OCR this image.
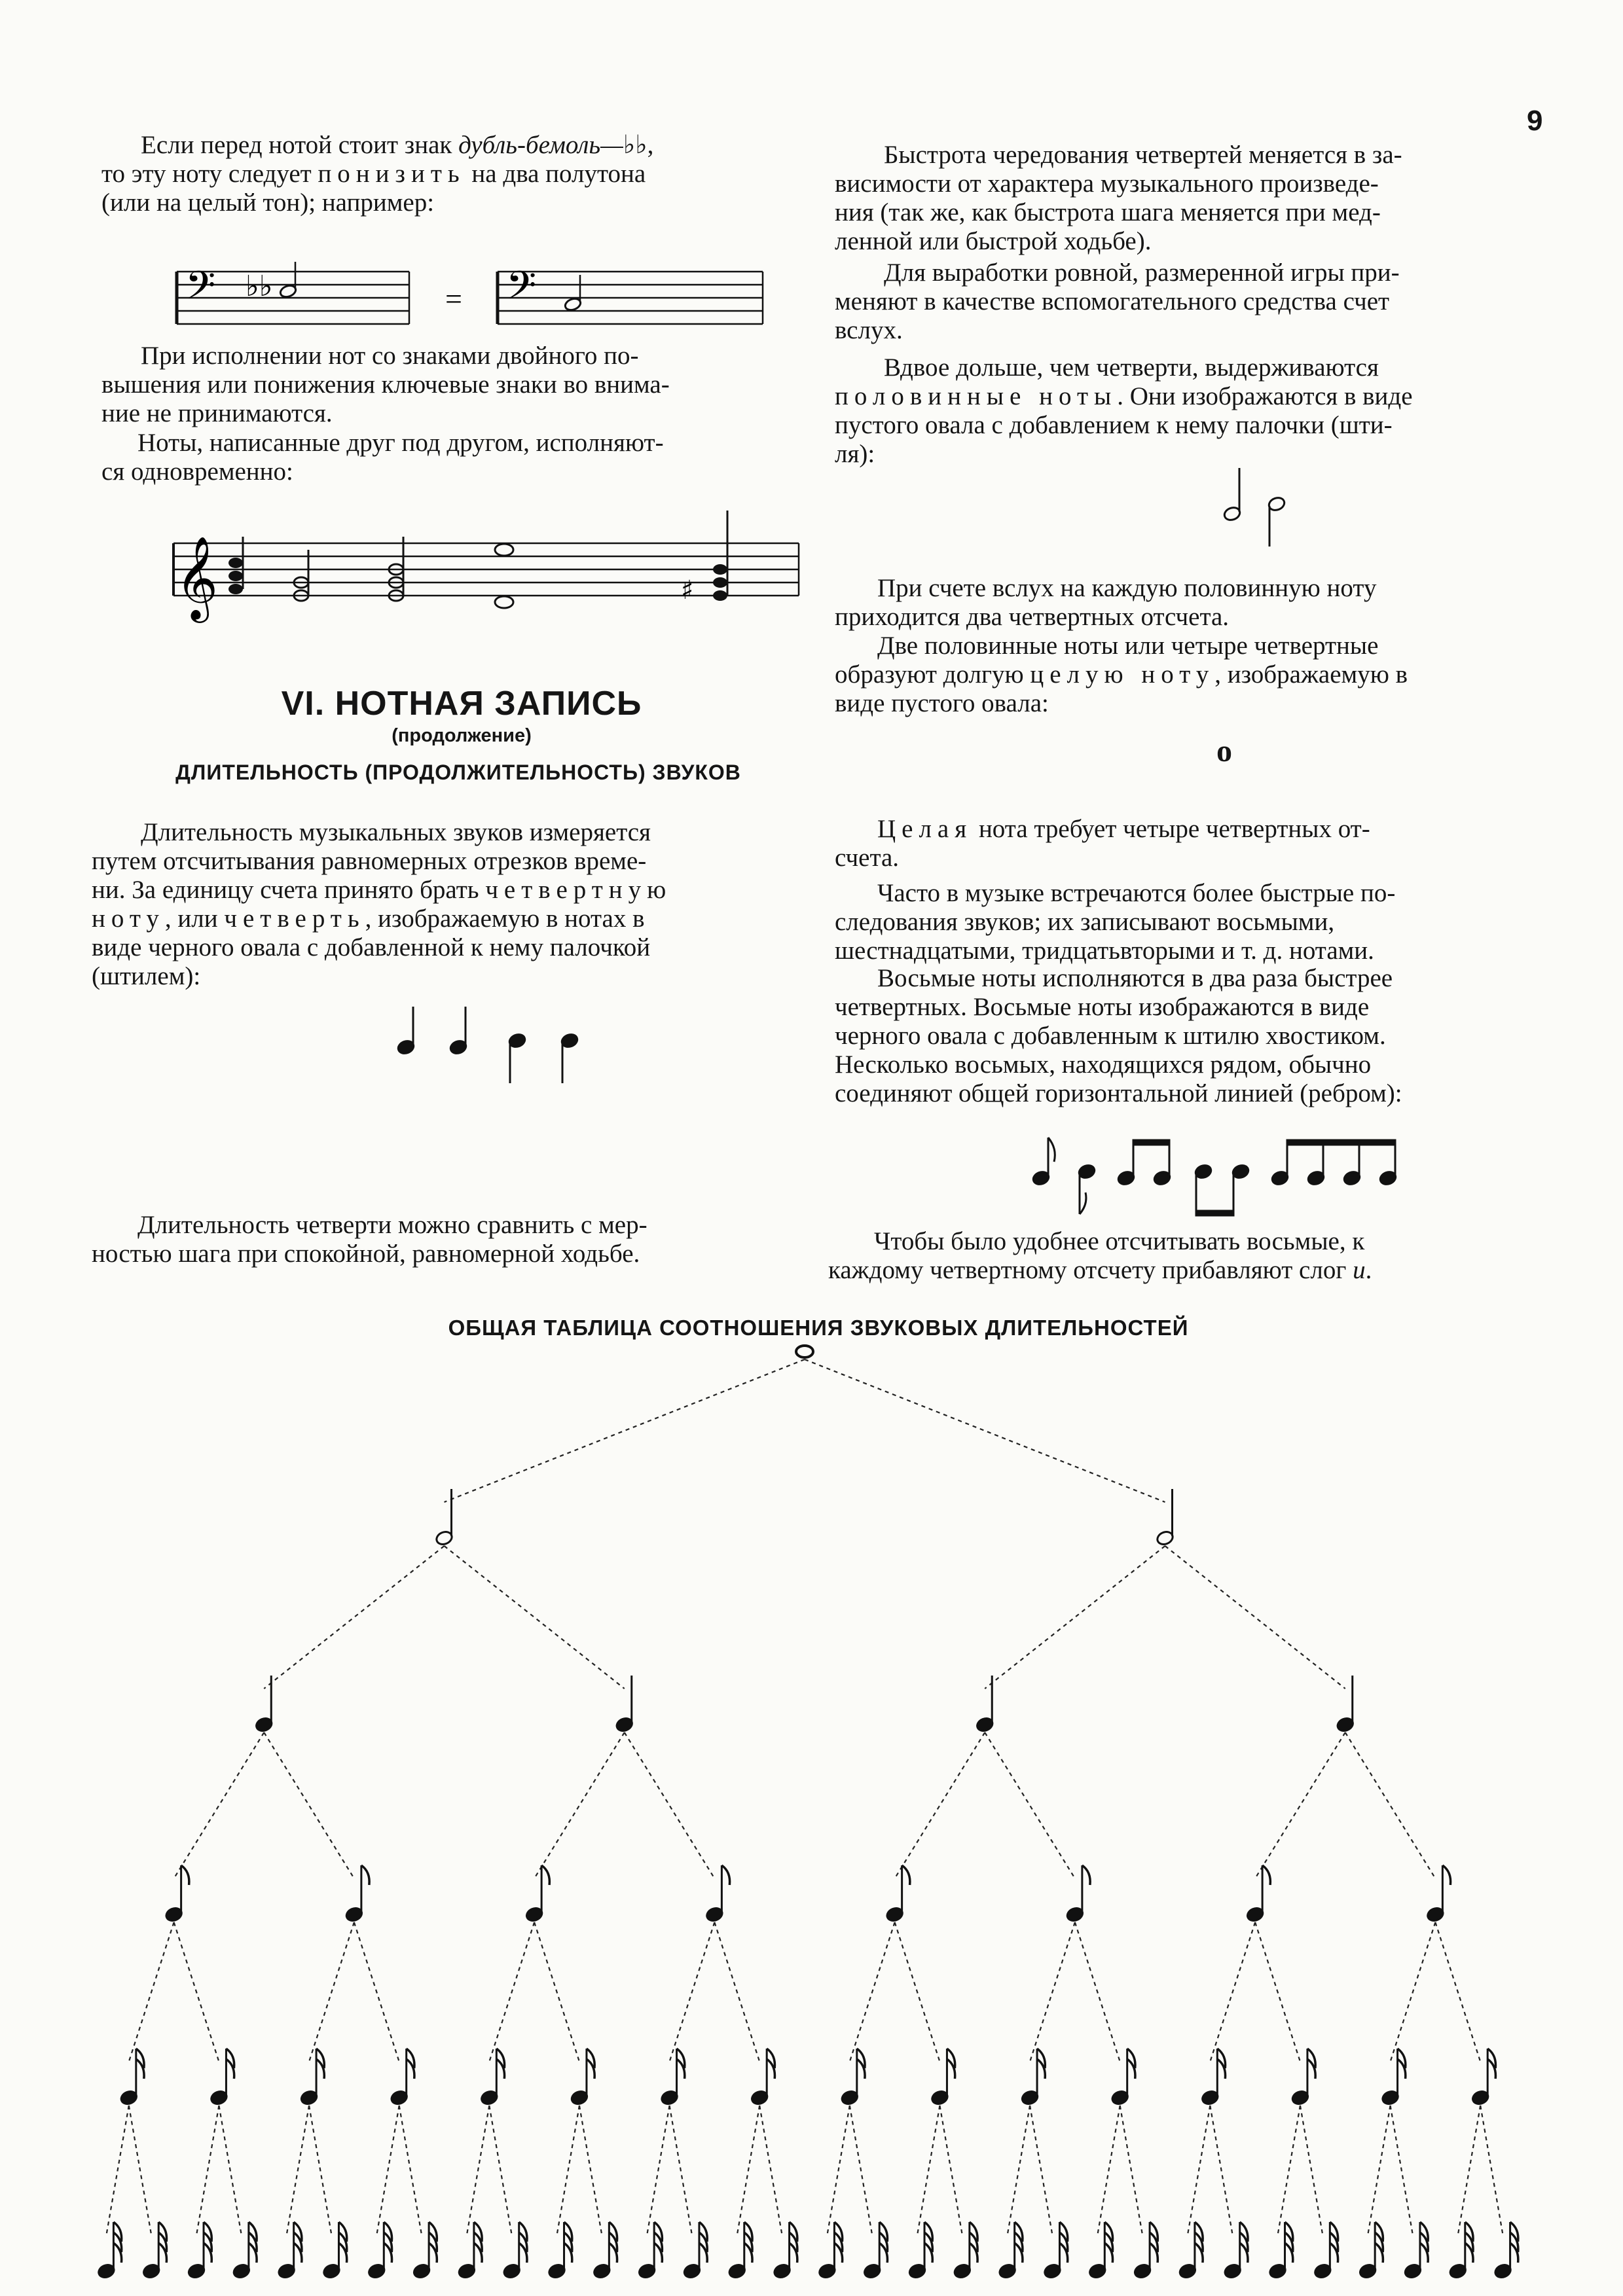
9

Если перед нотой стоит знак дубль-бемоль—♭♭,

то эту ноту следует понизить на два полутона

(или на целый тон); например:

𝄢	𝄢
♭♭	=

При исполнении нот со знаками двойного по-

вышения или понижения ключевые знаки во внима-

ние не принимаются.

Ноты, написанные друг под другом, исполняют-

ся одновременно:

𝄞	♯
VI. НОТНАЯ ЗАПИСЬ
(продолжение)
ДЛИТЕЛЬНОСТЬ (ПРОДОЛЖИТЕЛЬНОСТЬ) ЗВУКОВ

Длительность музыкальных звуков измеряется

путем отсчитывания равномерных отрезков време-

ни. За единицу счета принято брать четвертную

ноту, или четверть, изображаемую в нотах в

виде черного овала с добавленной к нему палочкой

(штилем):

Длительность четверти можно сравнить с мер-

ностью шага при спокойной, равномерной ходьбе.

Быстрота чередования четвертей меняется в за-

висимости от характера музыкального произведе-

ния (так же, как быстрота шага меняется при мед-

ленной или быстрой ходьбе).

Для выработки ровной, размеренной игры при-

меняют в качестве вспомогательного средства счет

вслух.

Вдвое дольше, чем четверти, выдерживаются

половинные ноты. Они изображаются в виде

пустого овала с добавлением к нему палочки (шти-

ля):

При счете вслух на каждую половинную ноту

приходится два четвертных отсчета.

Две половинные ноты или четыре четвертные

образуют долгую целую ноту, изображаемую в

виде пустого овала:

o

Целая нота требует четыре четвертных от-

счета.

Часто в музыке встречаются более быстрые по-

следования звуков; их записывают восьмыми,

шестнадцатыми, тридцатьвторыми и т. д. нотами.

Восьмые ноты исполняются в два раза быстрее

четвертных. Восьмые ноты изображаются в виде

черного овала с добавленным к штилю хвостиком.

Несколько восьмых, находящихся рядом, обычно

соединяют общей горизонтальной линией (ребром):

Чтобы было удобнее отсчитывать восьмые, к

каждому четвертному отсчету прибавляют слог и.

ОБЩАЯ ТАБЛИЦА СООТНОШЕНИЯ ЗВУКОВЫХ ДЛИТЕЛЬНОСТЕЙ
